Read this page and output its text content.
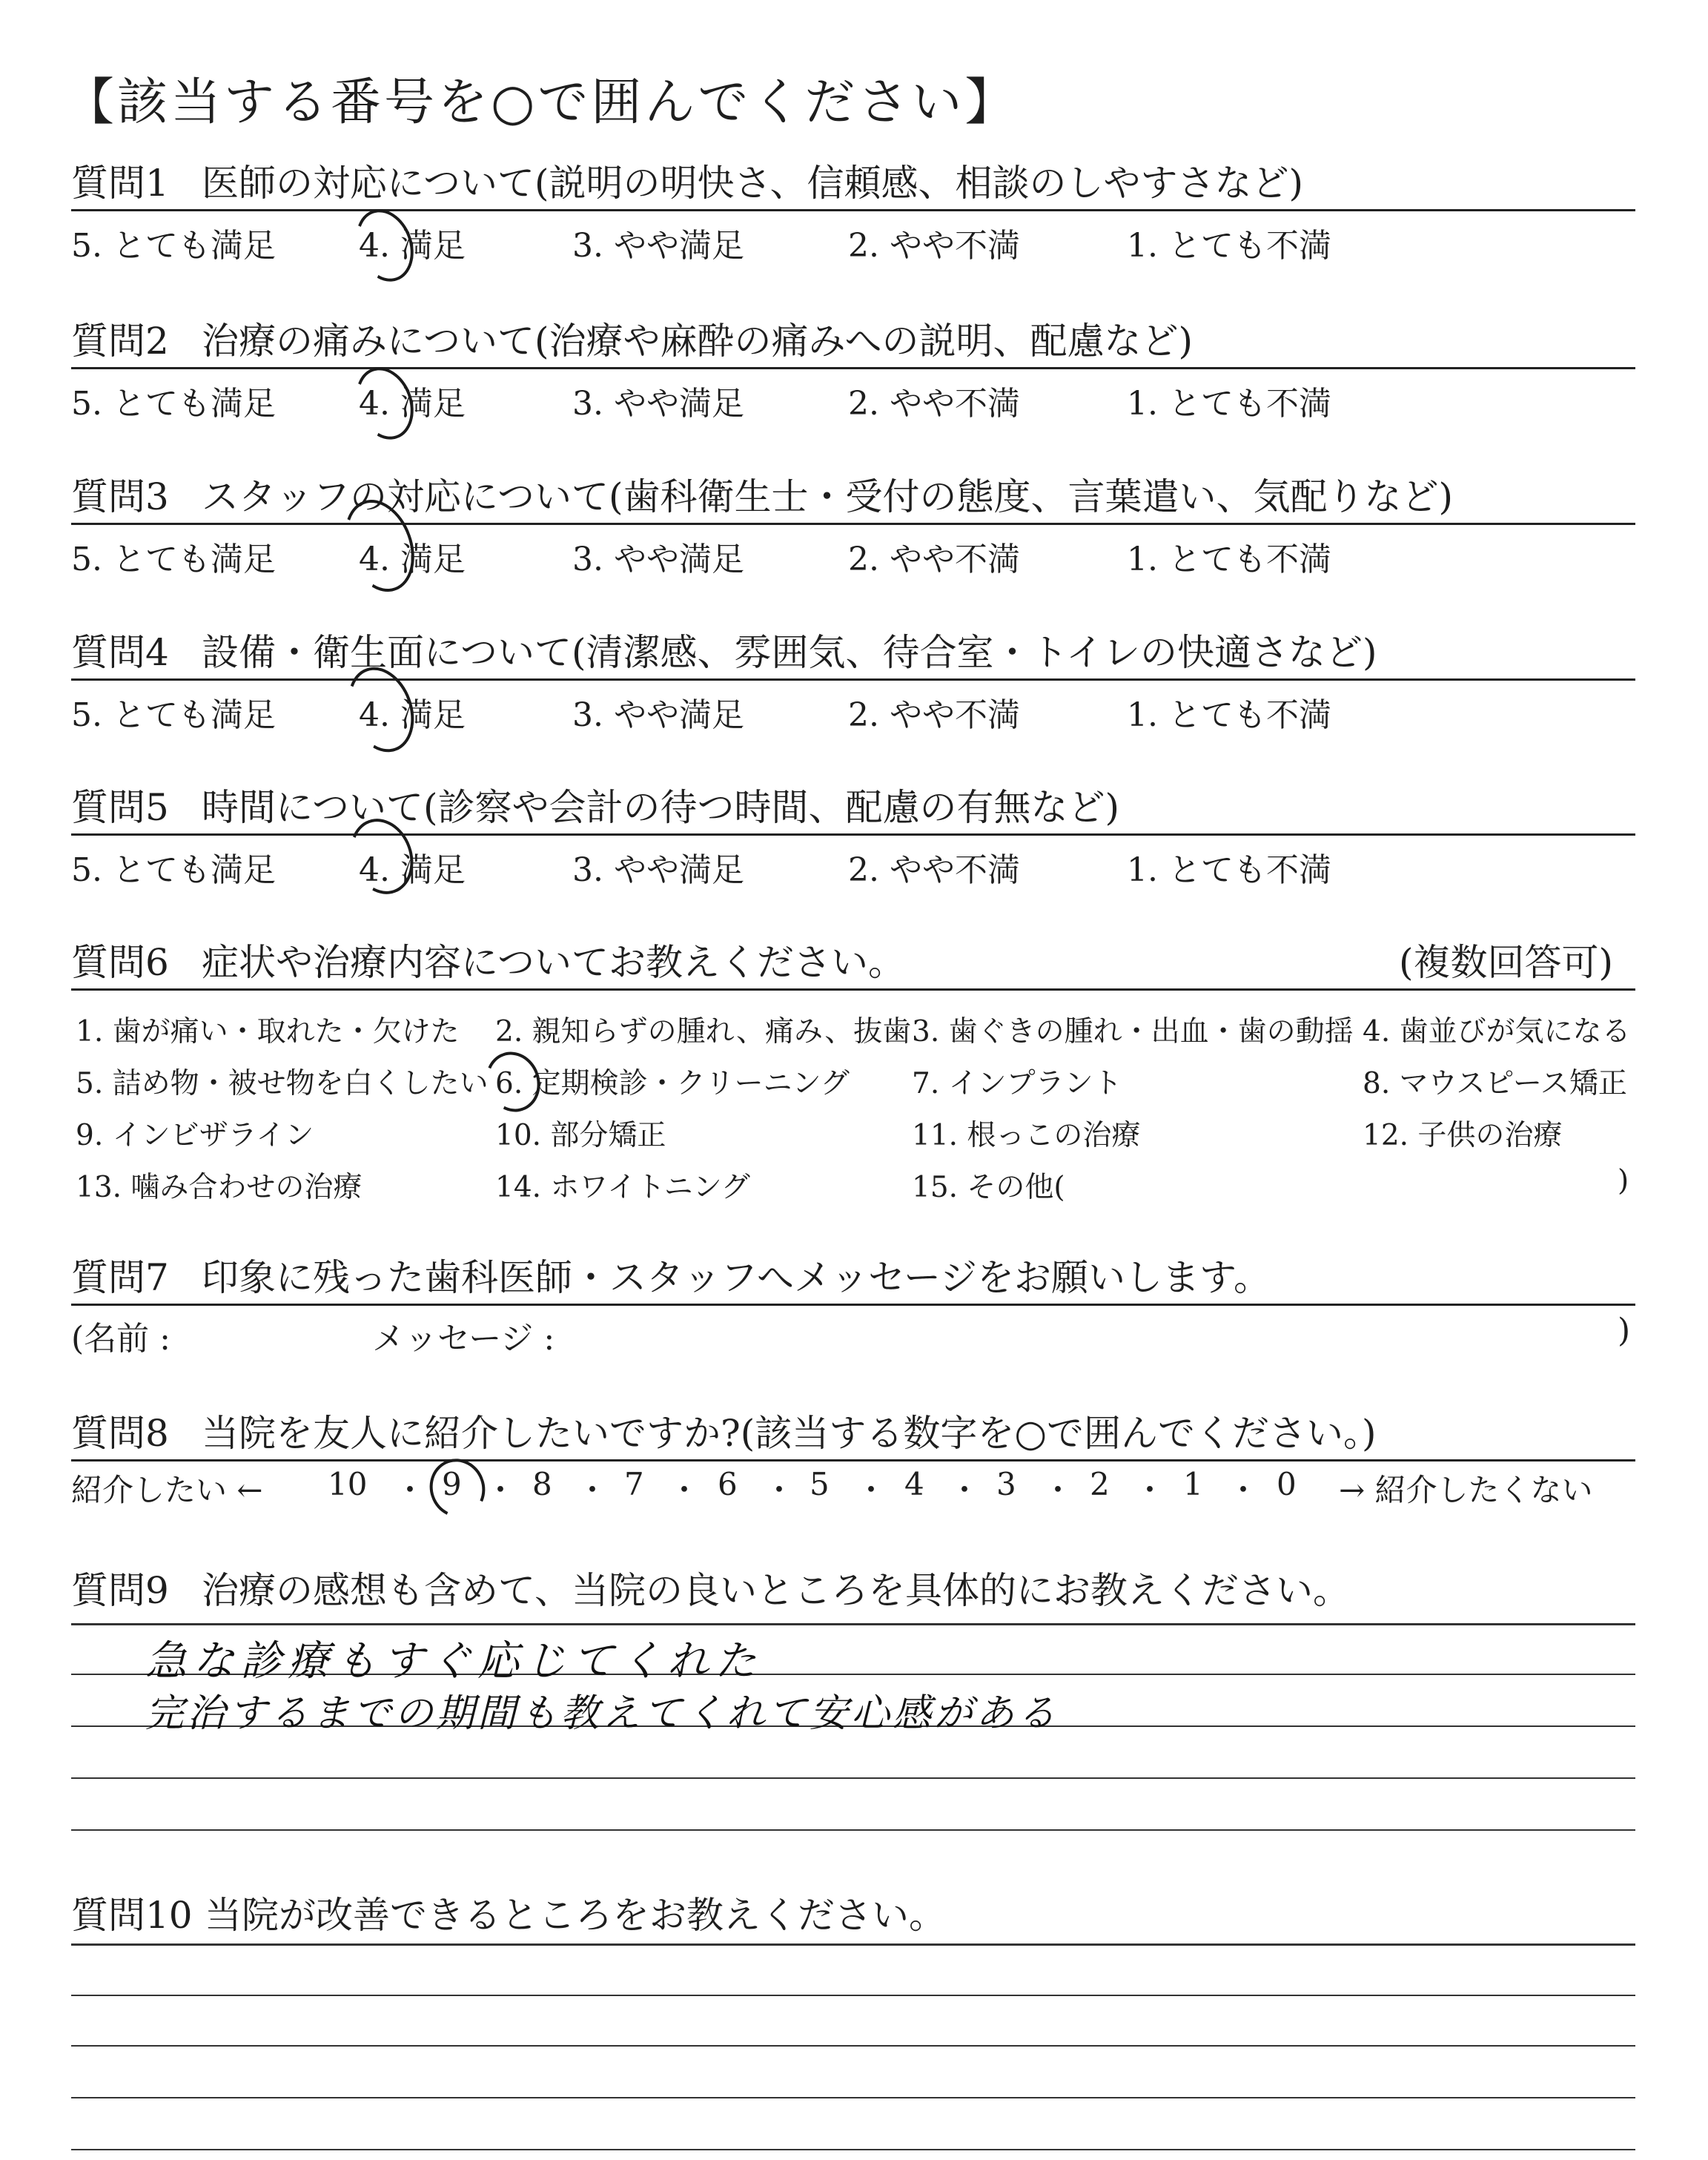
【該当する番号を○で囲んでください】
質問1 医師の対応について(説明の明快さ、信頼感、相談のしやすさなど)
5. とても満足	4. 満足	3. やや満足	2. やや不満	1. とても不満
質問2 治療の痛みについて(治療や麻酔の痛みへの説明、配慮など)
5. とても満足	4. 満足	3. やや満足	2. やや不満	1. とても不満
質問3 スタッフの対応について(歯科衛生士・受付の態度、言葉遣い、気配りなど)
5. とても満足	4. 満足	3. やや満足	2. やや不満	1. とても不満
質問4 設備・衛生面について(清潔感、雰囲気、待合室・トイレの快適さなど)
5. とても満足	4. 満足	3. やや満足	2. やや不満	1. とても不満
質問5 時間について(診察や会計の待つ時間、配慮の有無など)
5. とても満足	4. 満足	3. やや満足	2. やや不満	1. とても不満
質問6 症状や治療内容についてお教えください。	(複数回答可)
1. 歯が痛い・取れた・欠けた 2. 親知らずの腫れ、痛み、抜歯 3. 歯ぐきの腫れ・出血・歯の動揺 4. 歯並びが気になる
5. 詰め物・被せ物を白くしたい 6. 定期検診・クリーニング 7. インプラント	8. マウスピース矯正
9. インビザライン	10. 部分矯正	11. 根っこの治療	12. 子供の治療
13. 噛み合わせの治療	14. ホワイトニング	15. その他(	)
質問7 印象に残った歯科医師・スタッフへメッセージをお願いします。
(名前 :	メッセージ :	)
質問8 当院を友人に紹介したいですか?(該当する数字を○で囲んでください。)
紹介したい ← 10 ・ 9 ・ 8 ・ 7 ・ 6 ・ 5 ・ 4 ・ 3 ・ 2 ・ 1 ・ 0 → 紹介したくない
質問9 治療の感想も含めて、当院の良いところを具体的にお教えください。
急な診療もすぐ応じてくれた
完治するまでの期間も教えてくれて安心感がある
質問10 当院が改善できるところをお教えください。
